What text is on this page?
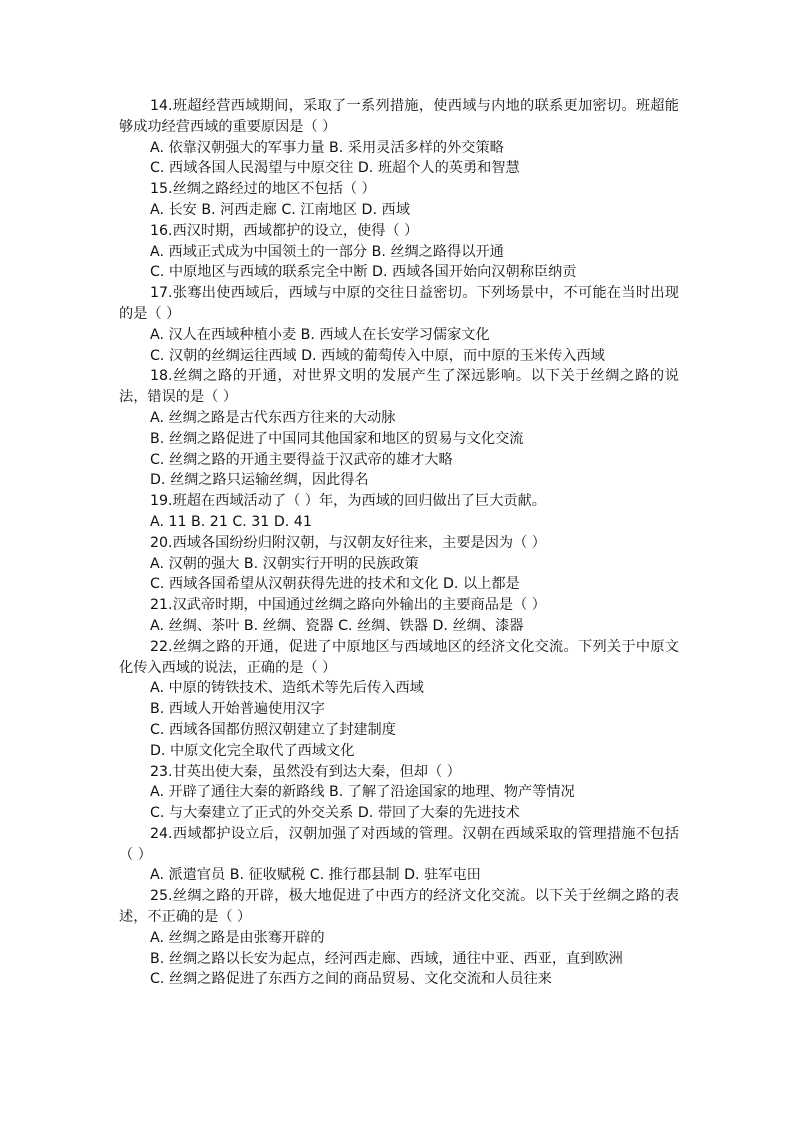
14.班超经营西域期间，采取了一系列措施，使西域与内地的联系更加密切。班超能够成功经营西域的重要原因是（ ）

A. 依靠汉朝强大的军事力量 B. 采用灵活多样的外交策略

C. 西域各国人民渴望与中原交往 D. 班超个人的英勇和智慧

15.丝绸之路经过的地区不包括（ ）

A. 长安 B. 河西走廊 C. 江南地区 D. 西域

16.西汉时期，西域都护的设立，使得（ ）

A. 西域正式成为中国领土的一部分 B. 丝绸之路得以开通

C. 中原地区与西域的联系完全中断 D. 西域各国开始向汉朝称臣纳贡

17.张骞出使西域后，西域与中原的交往日益密切。下列场景中，不可能在当时出现的是（ ）

A. 汉人在西域种植小麦 B. 西域人在长安学习儒家文化

C. 汉朝的丝绸运往西域 D. 西域的葡萄传入中原，而中原的玉米传入西域

18.丝绸之路的开通，对世界文明的发展产生了深远影响。以下关于丝绸之路的说法，错误的是（ ）

A. 丝绸之路是古代东西方往来的大动脉

B. 丝绸之路促进了中国同其他国家和地区的贸易与文化交流

C. 丝绸之路的开通主要得益于汉武帝的雄才大略

D. 丝绸之路只运输丝绸，因此得名

19.班超在西域活动了（ ）年，为西域的回归做出了巨大贡献。

A. 11 B. 21 C. 31 D. 41

20.西域各国纷纷归附汉朝，与汉朝友好往来，主要是因为（ ）

A. 汉朝的强大 B. 汉朝实行开明的民族政策

C. 西域各国希望从汉朝获得先进的技术和文化 D. 以上都是

21.汉武帝时期，中国通过丝绸之路向外输出的主要商品是（ ）

A. 丝绸、茶叶 B. 丝绸、瓷器 C. 丝绸、铁器 D. 丝绸、漆器

22.丝绸之路的开通，促进了中原地区与西域地区的经济文化交流。下列关于中原文化传入西域的说法，正确的是（ ）

A. 中原的铸铁技术、造纸术等先后传入西域

B. 西域人开始普遍使用汉字

C. 西域各国都仿照汉朝建立了封建制度

D. 中原文化完全取代了西域文化

23.甘英出使大秦，虽然没有到达大秦，但却（ ）

A. 开辟了通往大秦的新路线 B. 了解了沿途国家的地理、物产等情况

C. 与大秦建立了正式的外交关系 D. 带回了大秦的先进技术

24.西域都护设立后，汉朝加强了对西域的管理。汉朝在西域采取的管理措施不包括（ ）

A. 派遣官员 B. 征收赋税 C. 推行郡县制 D. 驻军屯田

25.丝绸之路的开辟，极大地促进了中西方的经济文化交流。以下关于丝绸之路的表述，不正确的是（ ）

A. 丝绸之路是由张骞开辟的

B. 丝绸之路以长安为起点，经河西走廊、西域，通往中亚、西亚，直到欧洲

C. 丝绸之路促进了东西方之间的商品贸易、文化交流和人员往来
